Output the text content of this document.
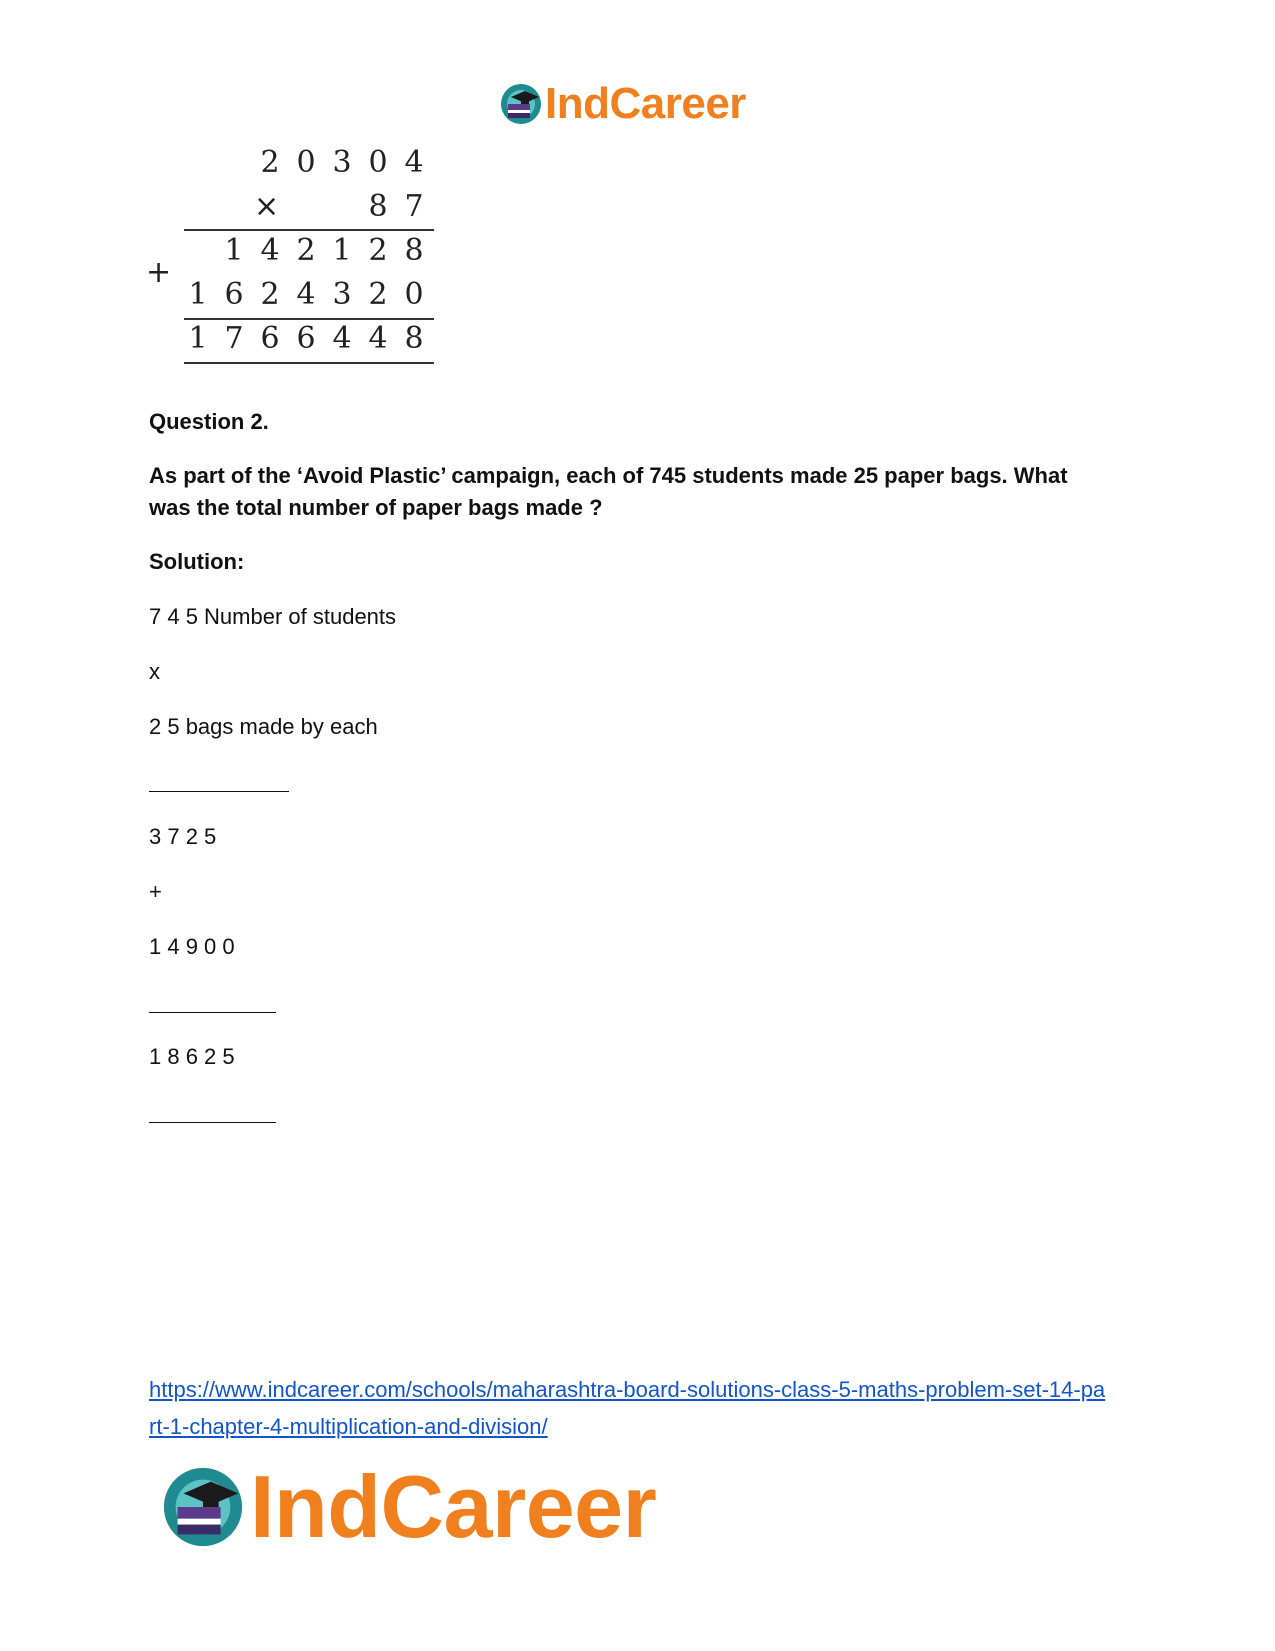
IndCareer
2 0 3 0 4
×	8 7
1 4 2 1 2 8
+
1 6 2 4 3 2 0
1 7 6 6 4 4 8
Question 2.
As part of the ‘Avoid Plastic’ campaign, each of 745 students made 25 paper bags. What was the total number of paper bags made ?
Solution:
7 4 5 Number of students
x
2 5 bags made by each
3 7 2 5
+
1 4 9 0 0
1 8 6 2 5
https://www.indcareer.com/schools/maharashtra-board-solutions-class-5-maths-problem-set-14-part-1-chapter-4-multiplication-and-division/
IndCareer
